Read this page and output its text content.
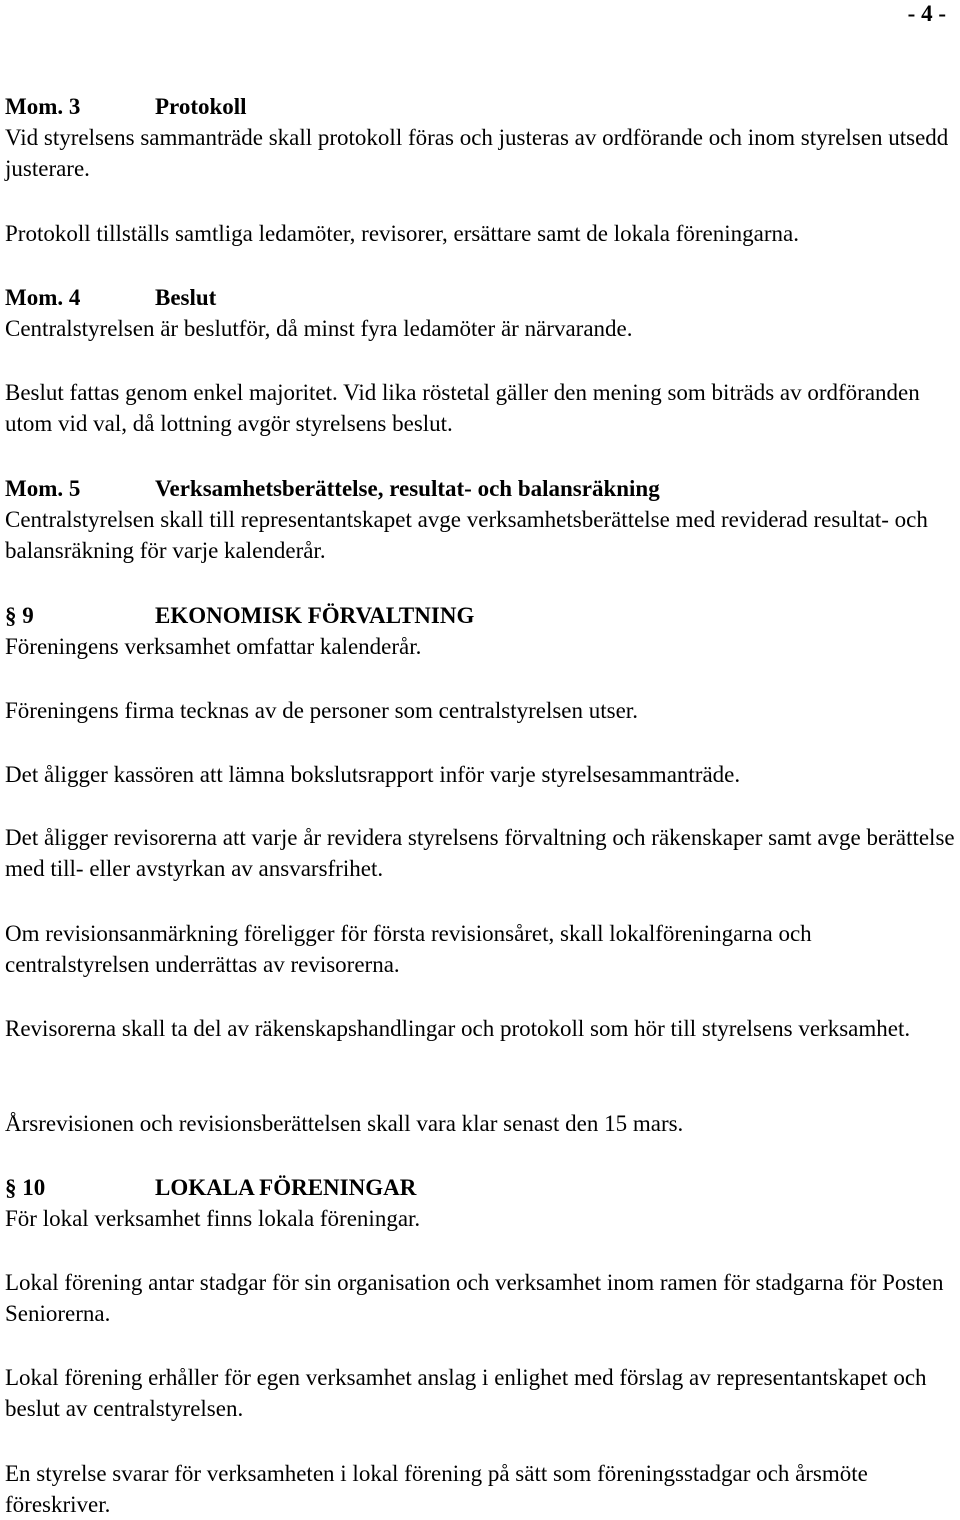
- 4 -
Mom. 3	Protokoll

Vid styrelsens sammanträde skall protokoll föras och justeras av ordförande och inom styrelsen utsedd justerare.

Protokoll tillställs samtliga ledamöter, revisorer, ersättare samt de lokala föreningarna.

Mom. 4	Beslut

Centralstyrelsen är beslutför, då minst fyra ledamöter är närvarande.

Beslut fattas genom enkel majoritet. Vid lika röstetal gäller den mening som biträds av ordföranden utom vid val, då lottning avgör styrelsens beslut.

Mom. 5	Verksamhetsberättelse, resultat- och balansräkning

Centralstyrelsen skall till representantskapet avge verksamhetsberättelse med reviderad resultat- och balansräkning för varje kalenderår.

§ 9	EKONOMISK FÖRVALTNING

Föreningens verksamhet omfattar kalenderår.

Föreningens firma tecknas av de personer som centralstyrelsen utser.

Det åligger kassören att lämna bokslutsrapport inför varje styrelsesammanträde.

Det åligger revisorerna att varje år revidera styrelsens förvaltning och räkenskaper samt avge berättelse med till- eller avstyrkan av ansvarsfrihet.

Om revisionsanmärkning föreligger för första revisionsåret, skall lokalföreningarna och centralstyrelsen underrättas av revisorerna.

Revisorerna skall ta del av räkenskapshandlingar och protokoll som hör till styrelsens verksamhet.

Årsrevisionen och revisionsberättelsen skall vara klar senast den 15 mars.

§ 10	LOKALA FÖRENINGAR

För lokal verksamhet finns lokala föreningar.

Lokal förening antar stadgar för sin organisation och verksamhet inom ramen för stadgarna för Posten Seniorerna.

Lokal förening erhåller för egen verksamhet anslag i enlighet med förslag av representantskapet och beslut av centralstyrelsen.

En styrelse svarar för verksamheten i lokal förening på sätt som föreningsstadgar och årsmöte föreskriver.
